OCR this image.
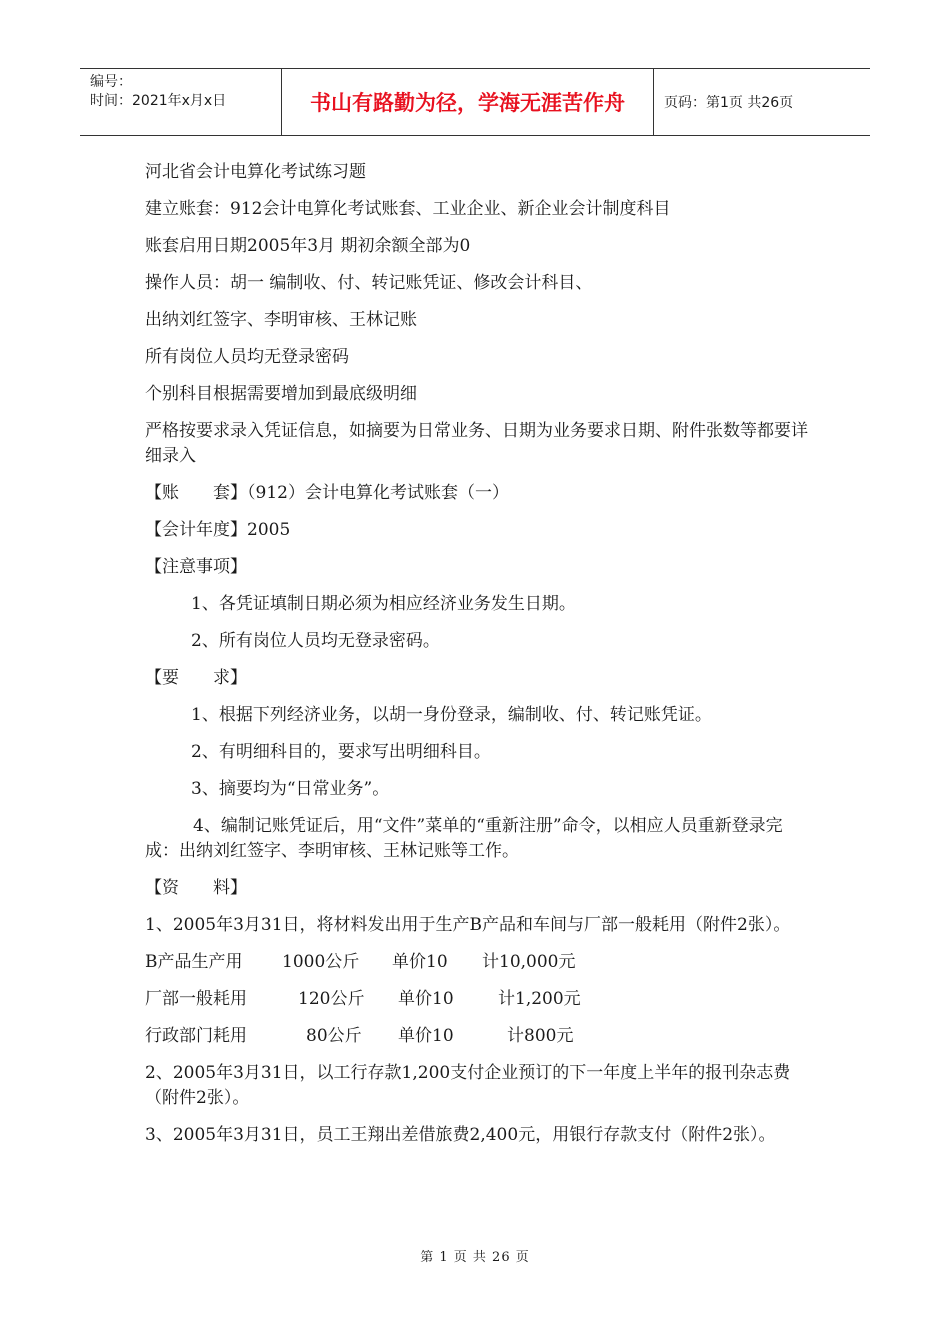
编号：
时间：2021年x月x日	书山有路勤为径，学海无涯苦作舟	页码：第1页 共26页

河北省会计电算化考试练习题

建立账套：912会计电算化考试账套、工业企业、新企业会计制度科目

账套启用日期2005年3月 期初余额全部为0

操作人员：胡一 编制收、付、转记账凭证、修改会计科目、

出纳刘红签字、李明审核、王林记账

所有岗位人员均无登录密码

个别科目根据需要增加到最底级明细

严格按要求录入凭证信息，如摘要为日常业务、日期为业务要求日期、附件张数等都要详细录入

【账　　套】（912）会计电算化考试账套（一）

【会计年度】2005

【注意事项】

1、各凭证填制日期必须为相应经济业务发生日期。

2、所有岗位人员均无登录密码。

【要　　求】

1、根据下列经济业务，以胡一身份登录，编制收、付、转记账凭证。

2、有明细科目的，要求写出明细科目。

3、摘要均为“日常业务”。

4、编制记账凭证后，用“文件”菜单的“重新注册”命令，以相应人员重新登录完成：出纳刘红签字、李明审核、王林记账等工作。

【资　　料】

1、2005年3月31日，将材料发出用于生产B产品和车间与厂部一般耗用（附件2张）。

B产品生产用	1000公斤	单价10	计10,000元
厂部一般耗用	120公斤	单价10	计1,200元
行政部门耗用	80公斤	单价10	计800元

2、2005年3月31日，以工行存款1,200支付企业预订的下一年度上半年的报刊杂志费（附件2张）。

3、2005年3月31日，员工王翔出差借旅费2,400元，用银行存款支付（附件2张）。

第 1 页 共 26 页
